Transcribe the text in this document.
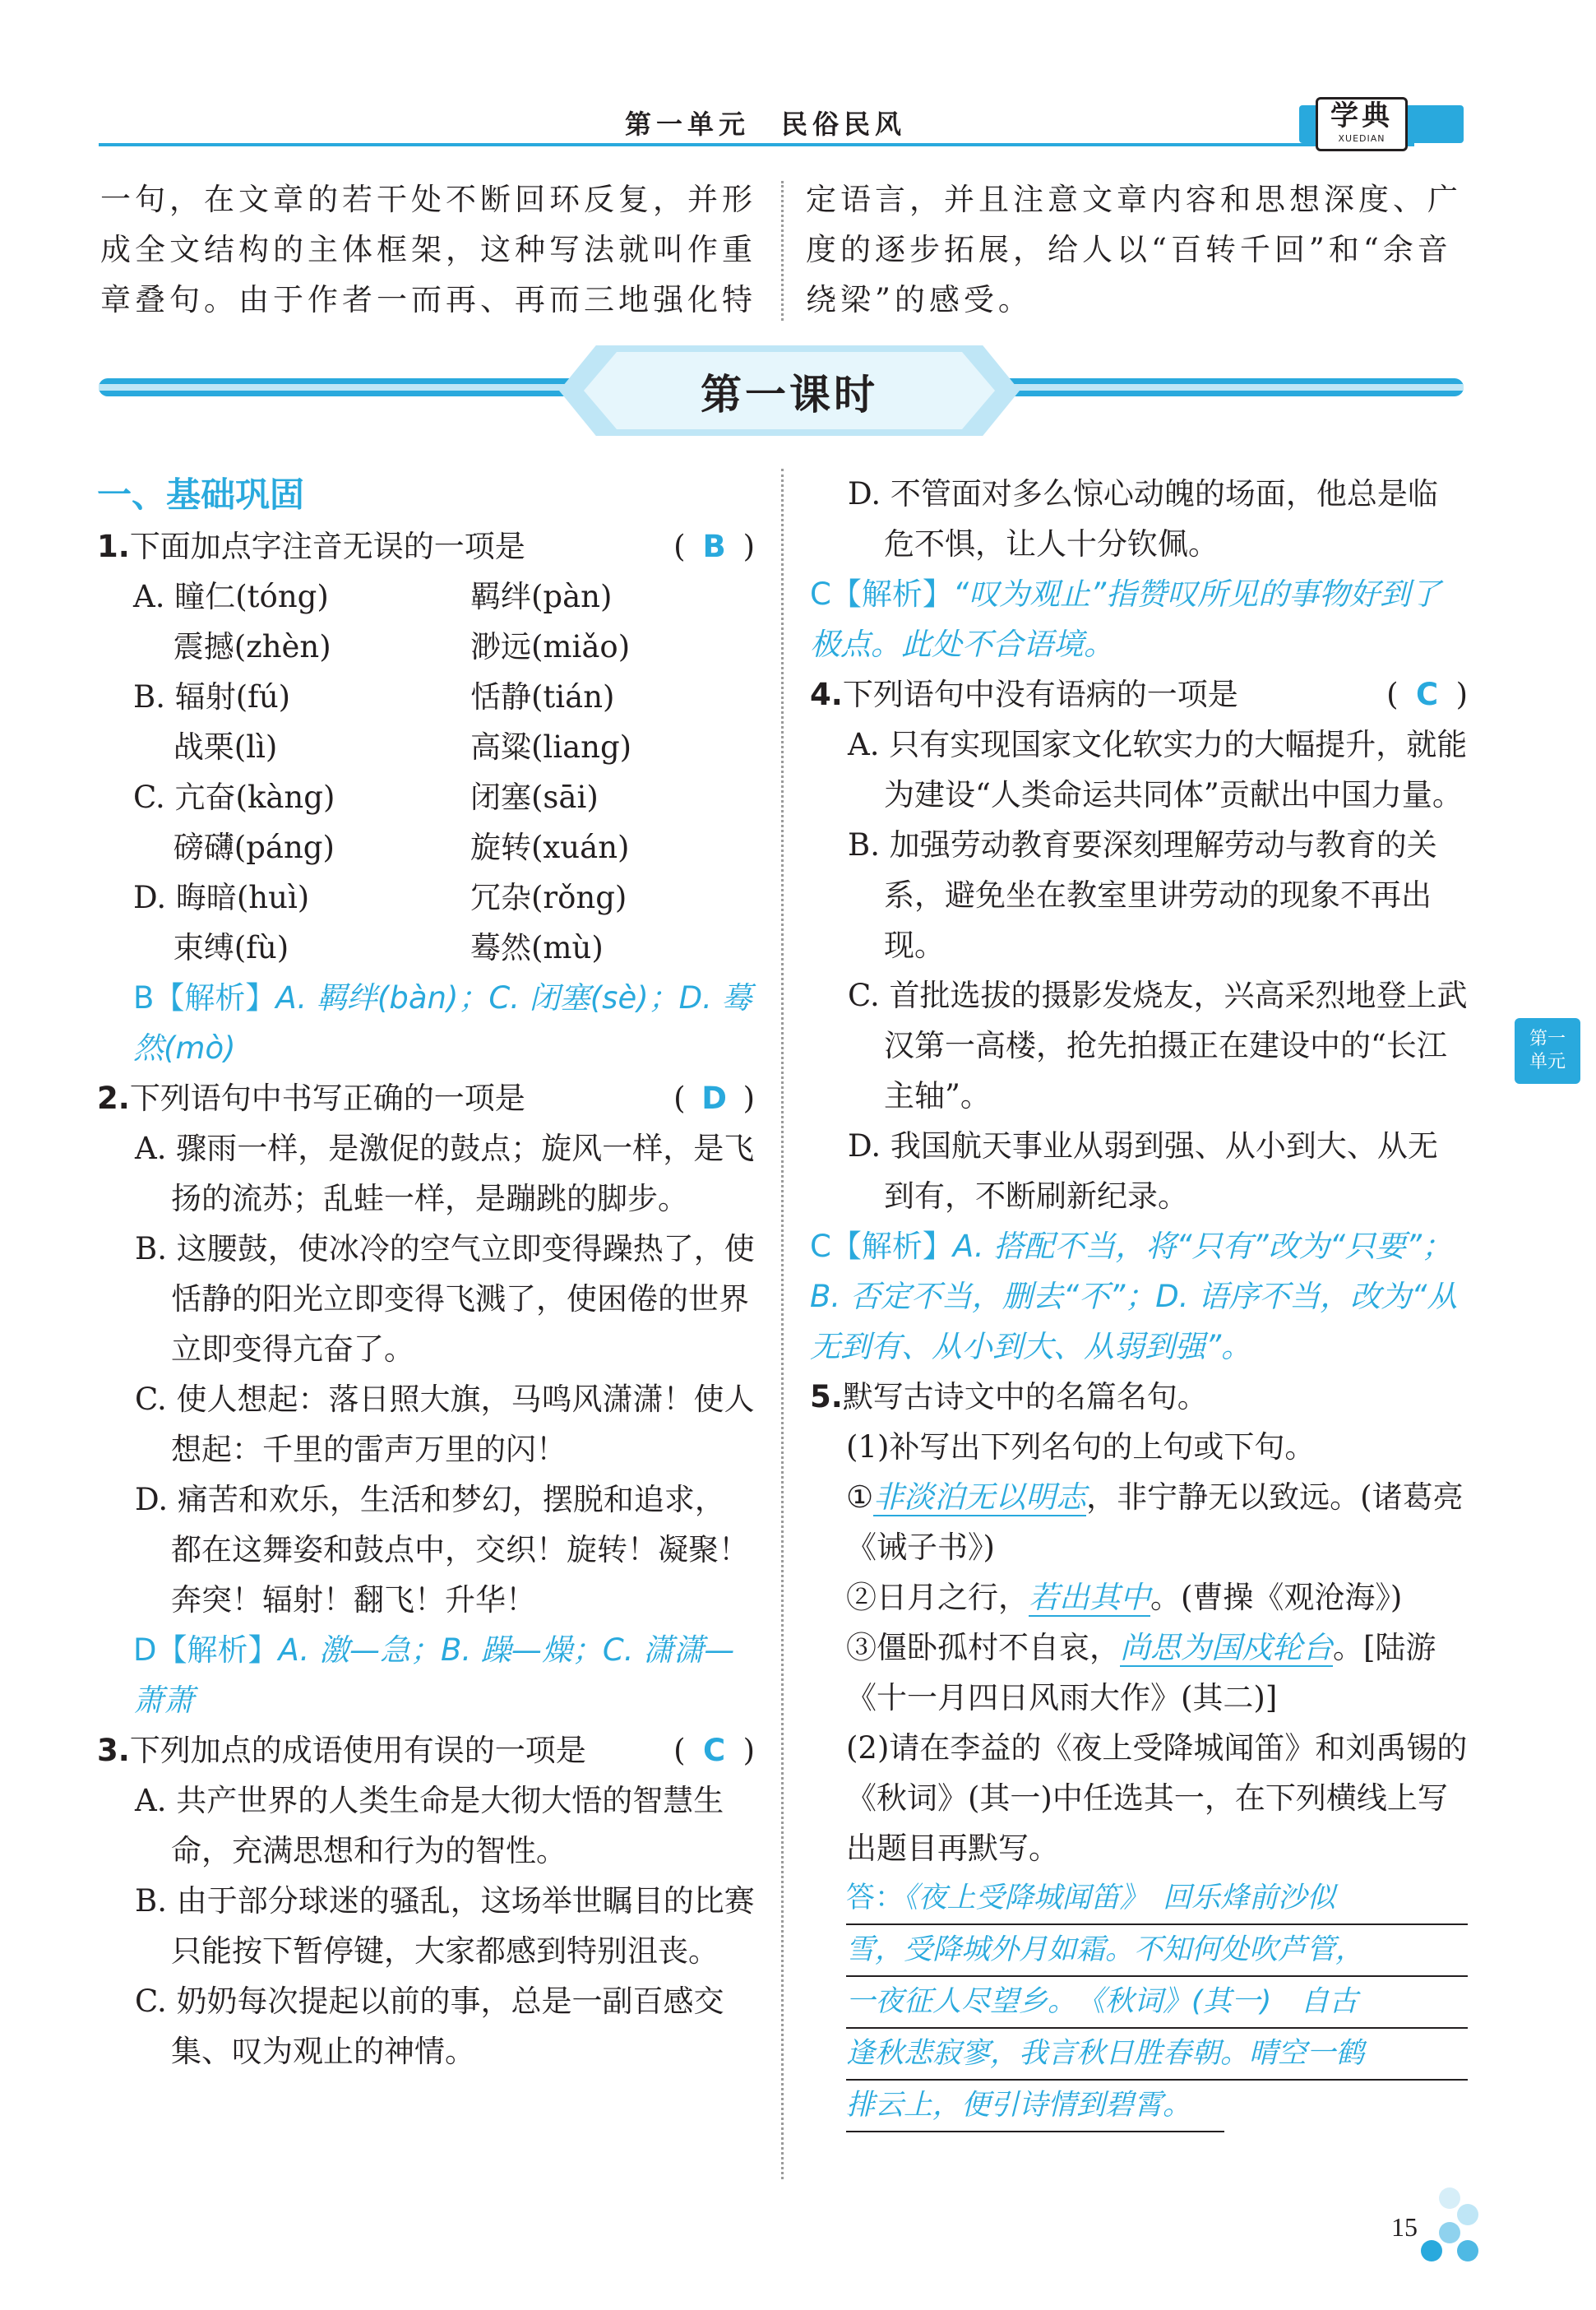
第一单元　民俗民风	学典
XUEDIAN
一句，在文章的若干处不断回环反复，并形成全文结构的主体框架，这种写法就叫作重章叠句。由于作者一而再、再而三地强化特
定语言，并且注意文章内容和思想深度、广度的逐步拓展，给人以“百转千回”和“余音绕梁”的感受。
第一课时
一、基础巩固
1.下面加点字注音无误的一项是	( B )
A. 瞳仁(tóng)	羁绊(pàn)
　 震撼(zhèn)	渺远(miǎo)
B. 辐射(fú)	恬静(tián)
　 战栗(lì)	高粱(liang)
C. 亢奋(kàng)	闭塞(sāi)
　 磅礴(páng)	旋转(xuán)
D. 晦暗(huì)	冗杂(rǒng)
　 束缚(fù)	蓦然(mù)
B【解析】A. 羁绊(bàn)；C. 闭塞(sè)；D. 蓦然(mò)
2.下列语句中书写正确的一项是	( D )
A. 骤雨一样，是激促的鼓点；旋风一样，是飞扬的流苏；乱蛙一样，是蹦跳的脚步。
B. 这腰鼓，使冰冷的空气立即变得躁热了，使恬静的阳光立即变得飞溅了，使困倦的世界立即变得亢奋了。
C. 使人想起：落日照大旗，马鸣风潇潇！使人想起：千里的雷声万里的闪！
D. 痛苦和欢乐，生活和梦幻，摆脱和追求，都在这舞姿和鼓点中，交织！旋转！凝聚！奔突！辐射！翻飞！升华！
D【解析】A. 激—急；B. 躁—燥；C. 潇潇—萧萧
3.下列加点的成语使用有误的一项是	( C )
A. 共产世界的人类生命是大彻大悟的智慧生命，充满思想和行为的智性。
B. 由于部分球迷的骚乱，这场举世瞩目的比赛只能按下暂停键，大家都感到特别沮丧。
C. 奶奶每次提起以前的事，总是一副百感交集、叹为观止的神情。
D. 不管面对多么惊心动魄的场面，他总是临危不惧，让人十分钦佩。
C【解析】“叹为观止”指赞叹所见的事物好到了极点。此处不合语境。
4.下列语句中没有语病的一项是	( C )
A. 只有实现国家文化软实力的大幅提升，就能为建设“人类命运共同体”贡献出中国力量。
B. 加强劳动教育要深刻理解劳动与教育的关系，避免坐在教室里讲劳动的现象不再出现。
C. 首批选拔的摄影发烧友，兴高采烈地登上武汉第一高楼，抢先拍摄正在建设中的“长江主轴”。
D. 我国航天事业从弱到强、从小到大、从无到有，不断刷新纪录。
C【解析】A. 搭配不当，将“只有”改为“只要”；B. 否定不当，删去“不”；D. 语序不当，改为“从无到有、从小到大、从弱到强”。
5.默写古诗文中的名篇名句。
(1)补写出下列名句的上句或下句。
①非淡泊无以明志，非宁静无以致远。(诸葛亮《诫子书》)
②日月之行，若出其中。(曹操《观沧海》)
③僵卧孤村不自哀，尚思为国戍轮台。[陆游《十一月四日风雨大作》(其二)]
(2)请在李益的《夜上受降城闻笛》和刘禹锡的《秋词》(其一)中任选其一，在下列横线上写出题目再默写。
答：《夜上受降城闻笛》　回乐烽前沙似
雪，受降城外月如霜。不知何处吹芦管，
一夜征人尽望乡。　《秋词》(其一)　自古
逢秋悲寂寥，我言秋日胜春朝。晴空一鹤
排云上，便引诗情到碧霄。
第一
单元
15
